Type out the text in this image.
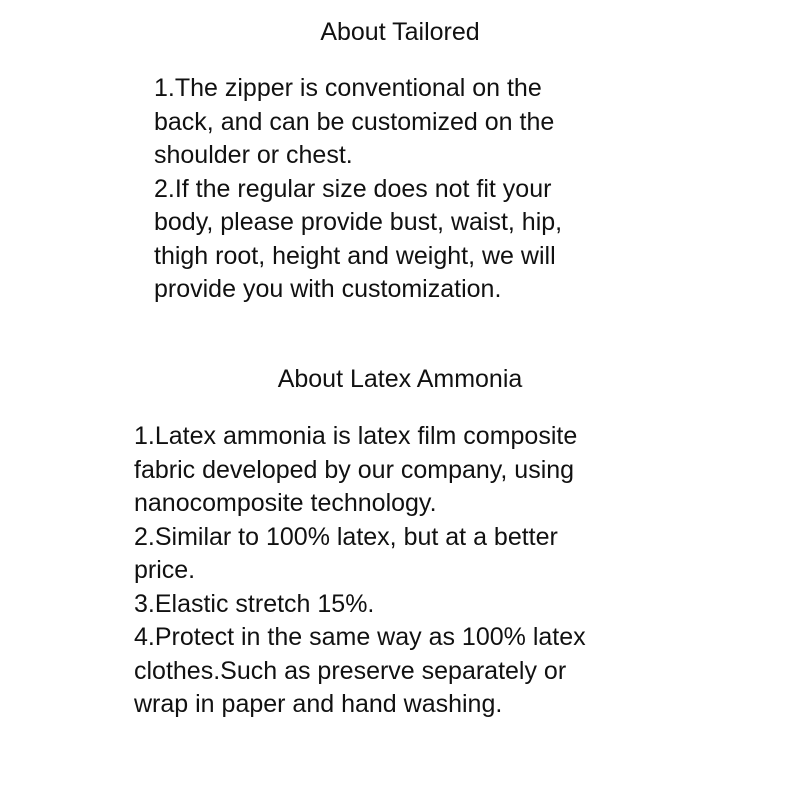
About Tailored
1.The zipper is conventional on the
back, and can be customized on the
shoulder or chest.
2.If the regular size does not fit your
body, please provide bust, waist, hip,
thigh root, height and weight, we will
provide you with customization.
About Latex Ammonia
1.Latex ammonia is latex film composite
fabric developed by our company, using
nanocomposite technology.
2.Similar to 100% latex, but at a better
price.
3.Elastic stretch 15%.
4.Protect in the same way as 100% latex
clothes.Such as preserve separately or
wrap in paper and hand washing.
